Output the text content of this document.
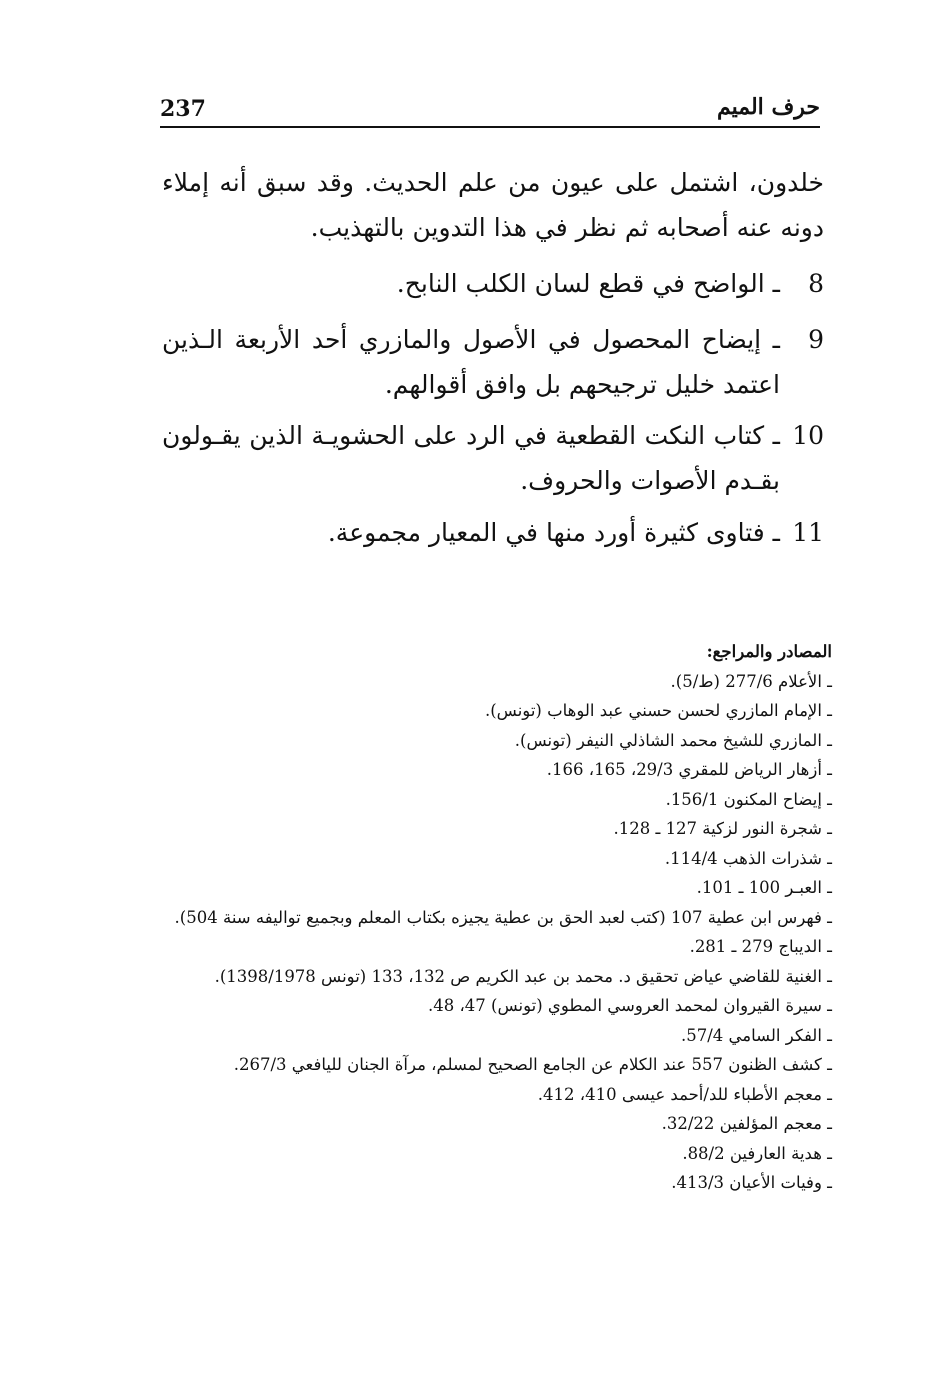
237	حرف الميم

خلدون، اشتمل على عيون من علم الحديث. وقد سبق أنه إملاء دونه عنه أصحابه ثم نظر في هذا التدوين بالتهذيب.

8
ـ الواضح في قطع لسان الكلب النابح.
9
ـ إيضاح المحصول في الأصول والمازري أحد الأربعة الـذين اعتمد خليل ترجيحهم بل وافق أقوالهم.
10
ـ كتاب النكت القطعية في الرد على الحشويـة الذين يقـولون بقـدم الأصوات والحروف.
11
ـ فتاوى كثيرة أورد منها في المعيار مجموعة.

المصادر والمراجع:

ـ الأعلام 277/6 (ط/5).

ـ الإمام المازري لحسن حسني عبد الوهاب (تونس).

ـ المازري للشيخ محمد الشاذلي النيفر (تونس).

ـ أزهار الرياض للمقري 29/3، 165، 166.

ـ إيضاح المكنون 156/1.

ـ شجرة النور لزكية 127 ـ 128.

ـ شذرات الذهب 114/4.

ـ العبـر 100 ـ 101.

ـ فهرس ابن عطية 107 (كتب لعبد الحق بن عطية يجيزه بكتاب المعلم وبجميع تواليفه سنة 504).

ـ الديباج 279 ـ 281.

ـ الغنية للقاضي عياض تحقيق د. محمد بن عبد الكريم ص 132، 133 (تونس 1398/1978).

ـ سيرة القيروان لمحمد العروسي المطوي (تونس) 47، 48.

ـ الفكر السامي 57/4.

ـ كشف الظنون 557 عند الكلام عن الجامع الصحيح لمسلم، مرآة الجنان لليافعي 267/3.

ـ معجم الأطباء للد/أحمد عيسى 410، 412.

ـ معجم المؤلفين 32/22.

ـ هدية العارفين 88/2.

ـ وفيات الأعيان 413/3.
